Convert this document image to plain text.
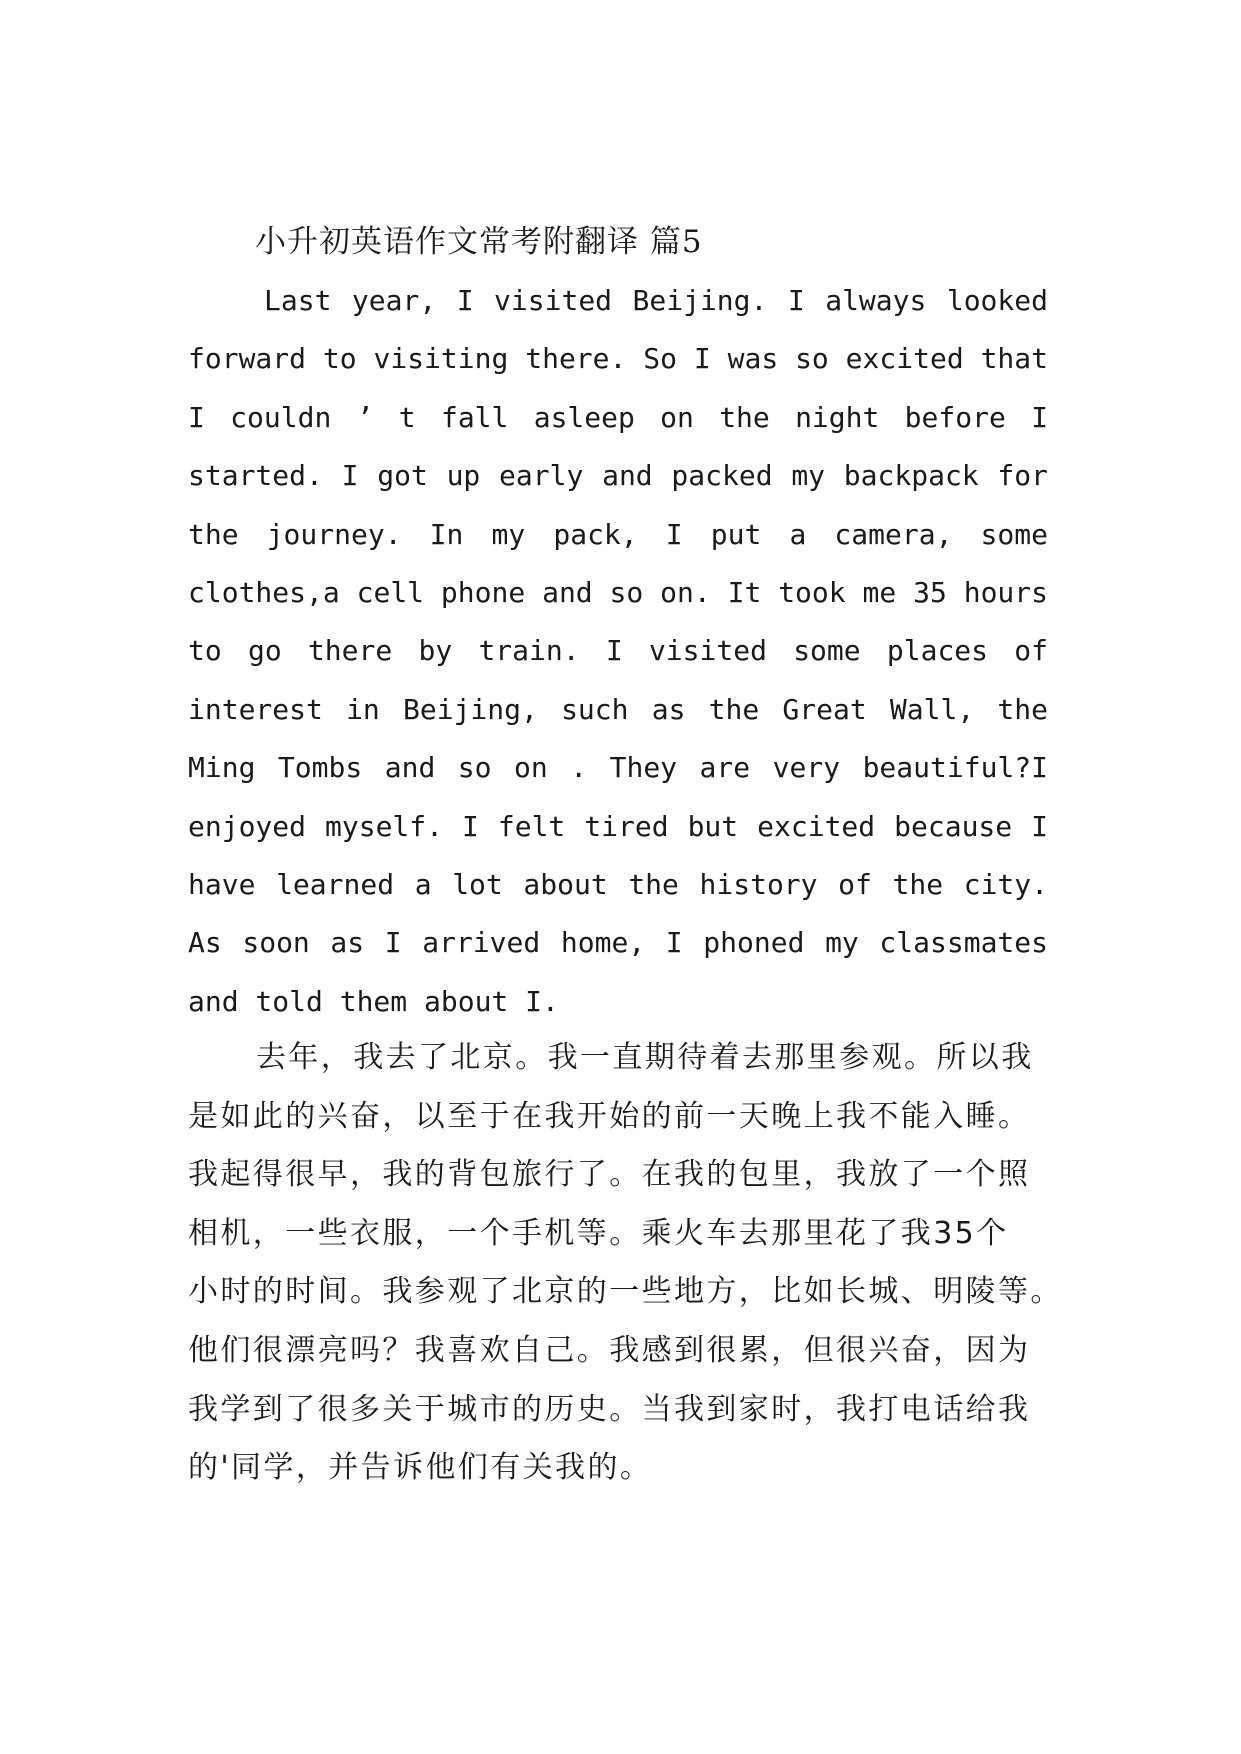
小升初英语作文常考附翻译 篇5
Last year, I visited Beijing. I always looked
forward to visiting there. So I was so excited that
I couldn ’ t fall asleep on the night before I
started. I got up early and packed my backpack for
the journey. In my pack, I put a camera, some
clothes,a cell phone and so on. It took me 35 hours
to go there by train. I visited some places of
interest in Beijing, such as the Great Wall, the
Ming Tombs and so on . They are very beautiful?I
enjoyed myself. I felt tired but excited because I
have learned a lot about the history of the city.
As soon as I arrived home, I phoned my classmates
and told them about I.
去年，我去了北京。我一直期待着去那里参观。所以我
是如此的兴奋，以至于在我开始的前一天晚上我不能入睡。
我起得很早，我的背包旅行了。在我的包里，我放了一个照
相机，一些衣服，一个手机等。乘火车去那里花了我35个
小时的时间。我参观了北京的一些地方，比如长城、明陵等。
他们很漂亮吗？我喜欢自己。我感到很累，但很兴奋，因为
我学到了很多关于城市的历史。当我到家时，我打电话给我
的'同学，并告诉他们有关我的。
